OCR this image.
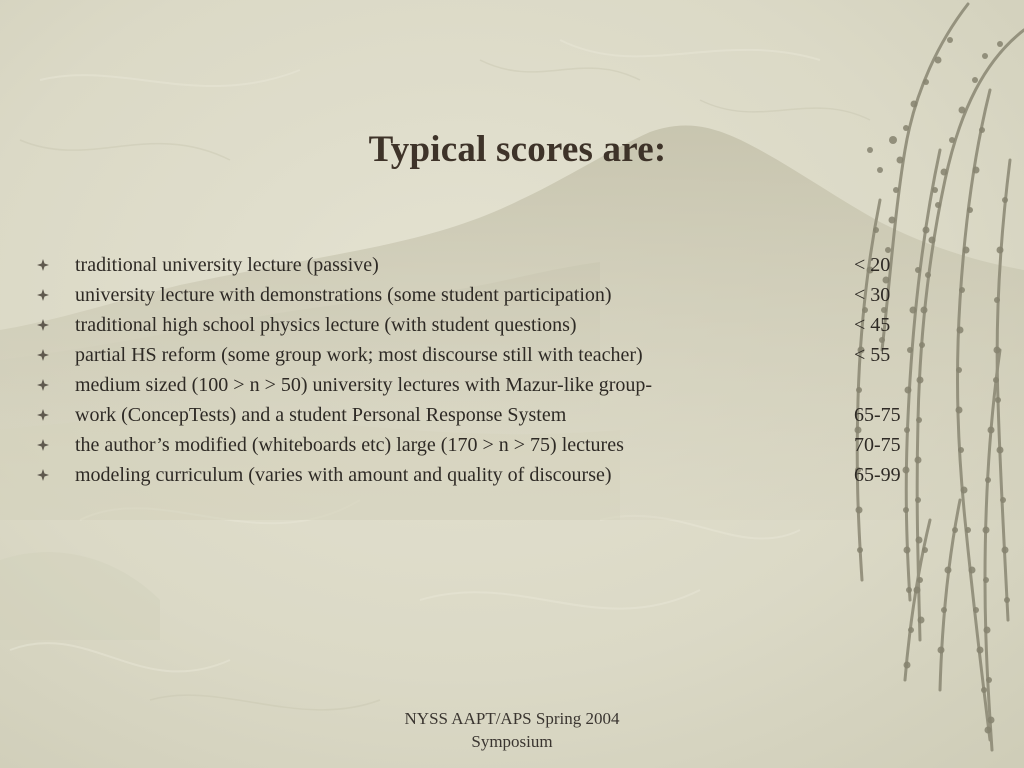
Typical scores are:
traditional university lecture (passive)	< 20
university lecture with demonstrations (some student participation)	< 30
traditional high school physics lecture (with student questions)	< 45
partial HS reform (some group work; most discourse still with teacher)	< 55
medium sized (100 > n > 50) university lectures with Mazur-like group-
work (ConcepTests) and a student Personal Response System	65-75
the author’s modified (whiteboards etc) large (170 > n > 75) lectures	70-75
modeling curriculum (varies with amount and quality of discourse)	65-99
NYSS AAPT/APS Spring 2004
Symposium
